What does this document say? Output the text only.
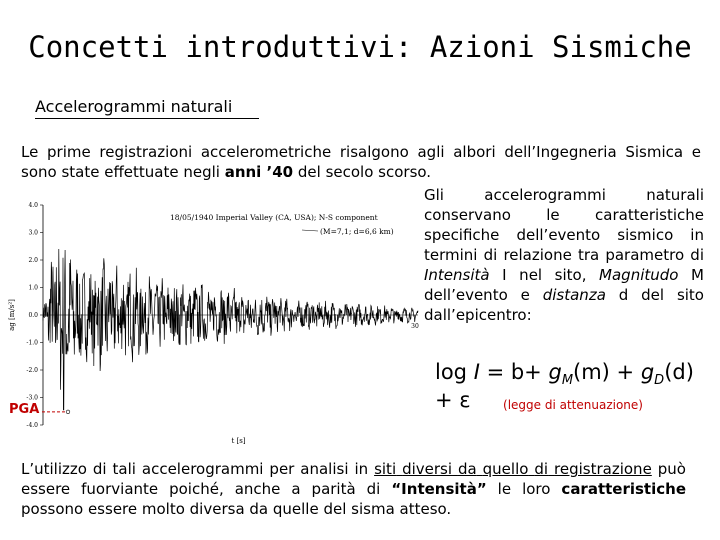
Concetti introduttivi: Azioni Sismiche
Accelerogrammi naturali
Le prime registrazioni accelerometriche risalgono agli albori dell’Ingegneria Sismica e sono state effettuate negli anni ’40 del secolo scorso.
4.0
3.0
2.0
1.0
0.0
-1.0
-2.0
-3.0
-4.0
ag [m/s²]
t [s]
30
18/05/1940 Imperial Valley (CA, USA); N-S component
(M=7,1; d=6,6 km)
Gli accelerogrammi naturali conservano le caratteristiche specifiche dell’evento sismico in termini di relazione tra parametro di Intensità I nel sito, Magnitudo M dell’evento e distanza d del sito dall’epicentro:
$\log I = b+ g_M(m) + g_D(d) + \varepsilon$	(legge di attenuazione)
PGA
L’utilizzo di tali accelerogrammi per analisi in siti diversi da quello di registrazione può essere fuorviante poiché, anche a parità di “Intensità” le loro caratteristiche possono essere molto diversa da quelle del sisma atteso.
